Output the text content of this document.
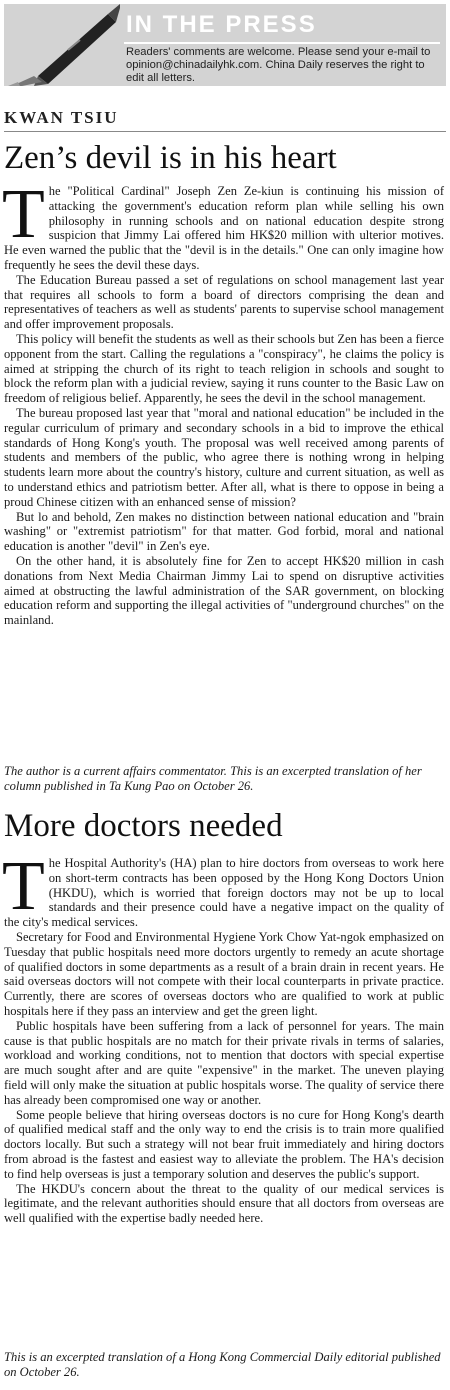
IN THE PRESS
Readers' comments are welcome. Please send your e-mail to opinion@chinadailyhk.com. China Daily reserves the right to edit all letters.
KWAN TSIU
Zen’s devil is in his heart
T he "Political Cardinal" Joseph Zen Ze-kiun is continuing his mission of attacking the government's education reform plan while selling his own philosophy in running schools and on national education despite strong suspicion that Jimmy Lai offered him HK$20 million with ulterior motives. He even warned the public that the "devil is in the details." One can only imagine how frequently he sees the devil these days.

The Education Bureau passed a set of regulations on school management last year that requires all schools to form a board of directors comprising the dean and representatives of teachers as well as students' parents to supervise school management and offer improvement proposals.

This policy will benefit the students as well as their schools but Zen has been a fierce opponent from the start. Calling the regulations a "conspiracy", he claims the policy is aimed at stripping the church of its right to teach religion in schools and sought to block the reform plan with a judicial review, saying it runs counter to the Basic Law on freedom of religious belief. Apparently, he sees the devil in the school management.

The bureau proposed last year that "moral and national education" be included in the regular curriculum of primary and secondary schools in a bid to improve the ethical standards of Hong Kong's youth. The proposal was well received among parents of students and members of the public, who agree there is nothing wrong in helping students learn more about the country's history, culture and current situation, as well as to understand ethics and patriotism better. After all, what is there to oppose in being a proud Chinese citizen with an enhanced sense of mission?

But lo and behold, Zen makes no distinction between national education and "brain washing" or "extremist patriotism" for that matter. God forbid, moral and national education is another "devil" in Zen's eye.

On the other hand, it is absolutely fine for Zen to accept HK$20 million in cash donations from Next Media Chairman Jimmy Lai to spend on disruptive activities aimed at obstructing the lawful administration of the SAR government, on blocking education reform and supporting the illegal activities of "underground churches" on the mainland.

The author is a current affairs commentator. This is an excerpted translation of her column published in Ta Kung Pao on October 26.
More doctors needed
T he Hospital Authority's (HA) plan to hire doctors from overseas to work here on short-term contracts has been opposed by the Hong Kong Doctors Union (HKDU), which is worried that foreign doctors may not be up to local standards and their presence could have a negative impact on the quality of the city's medical services.

Secretary for Food and Environmental Hygiene York Chow Yat-ngok emphasized on Tuesday that public hospitals need more doctors urgently to remedy an acute shortage of qualified doctors in some departments as a result of a brain drain in recent years. He said overseas doctors will not compete with their local counterparts in private practice. Currently, there are scores of overseas doctors who are qualified to work at public hospitals here if they pass an interview and get the green light.

Public hospitals have been suffering from a lack of personnel for years. The main cause is that public hospitals are no match for their private rivals in terms of salaries, workload and working conditions, not to mention that doctors with special expertise are much sought after and are quite "expensive" in the market. The uneven playing field will only make the situation at public hospitals worse. The quality of service there has already been compromised one way or another.

Some people believe that hiring overseas doctors is no cure for Hong Kong's dearth of qualified medical staff and the only way to end the crisis is to train more qualified doctors locally. But such a strategy will not bear fruit immediately and hiring doctors from abroad is the fastest and easiest way to alleviate the problem. The HA's decision to find help overseas is just a temporary solution and deserves the public's support.

The HKDU's concern about the threat to the quality of our medical services is legitimate, and the relevant authorities should ensure that all doctors from overseas are well qualified with the expertise badly needed here.

This is an excerpted translation of a Hong Kong Commercial Daily editorial published on October 26.
